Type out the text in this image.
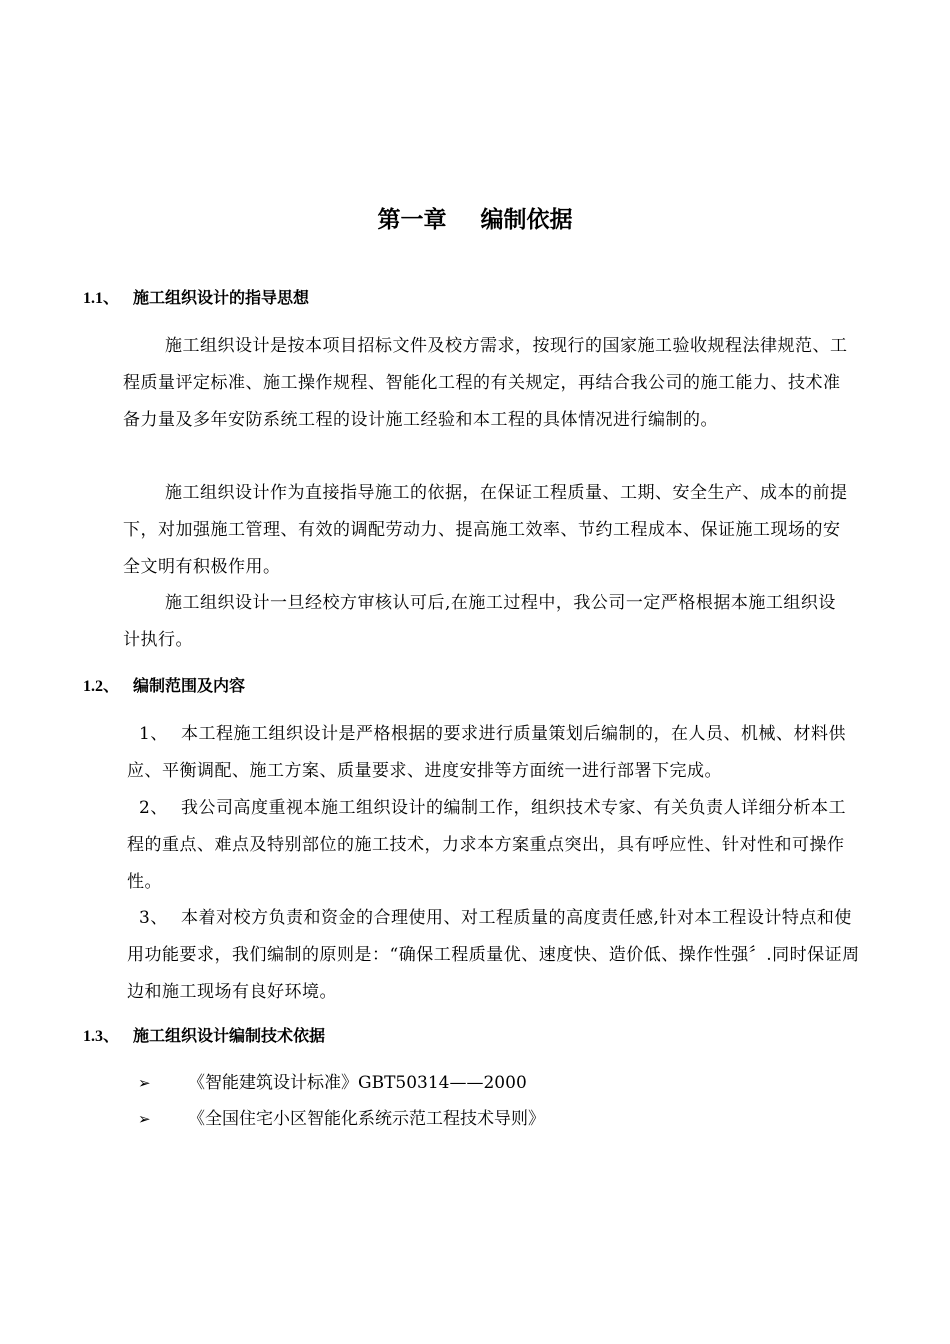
第一章 编制依据
1.1、 施工组织设计的指导思想

施工组织设计是按本项目招标文件及校方需求，按现行的国家施工验收规程法律规范、工程质量评定标准、施工操作规程、智能化工程的有关规定，再结合我公司的施工能力、技术准备力量及多年安防系统工程的设计施工经验和本工程的具体情况进行编制的。

施工组织设计作为直接指导施工的依据，在保证工程质量、工期、安全生产、成本的前提下，对加强施工管理、有效的调配劳动力、提高施工效率、节约工程成本、保证施工现场的安全文明有积极作用。

施工组织设计一旦经校方审核认可后,在施工过程中，我公司一定严格根据本施工组织设计执行。

1.2、 编制范围及内容

1、 本工程施工组织设计是严格根据的要求进行质量策划后编制的，在人员、机械、材料供应、平衡调配、施工方案、质量要求、进度安排等方面统一进行部署下完成。

2、 我公司高度重视本施工组织设计的编制工作，组织技术专家、有关负责人详细分析本工程的重点、难点及特别部位的施工技术，力求本方案重点突出，具有呼应性、针对性和可操作性。

3、 本着对校方负责和资金的合理使用、对工程质量的高度责任感,针对本工程设计特点和使用功能要求，我们编制的原则是：“确保工程质量优、速度快、造价低、操作性强〞.同时保证周边和施工现场有良好环境。

1.3、 施工组织设计编制技术依据
➢ 《智能建筑设计标准》GBT50314——2000
➢ 《全国住宅小区智能化系统示范工程技术导则》
